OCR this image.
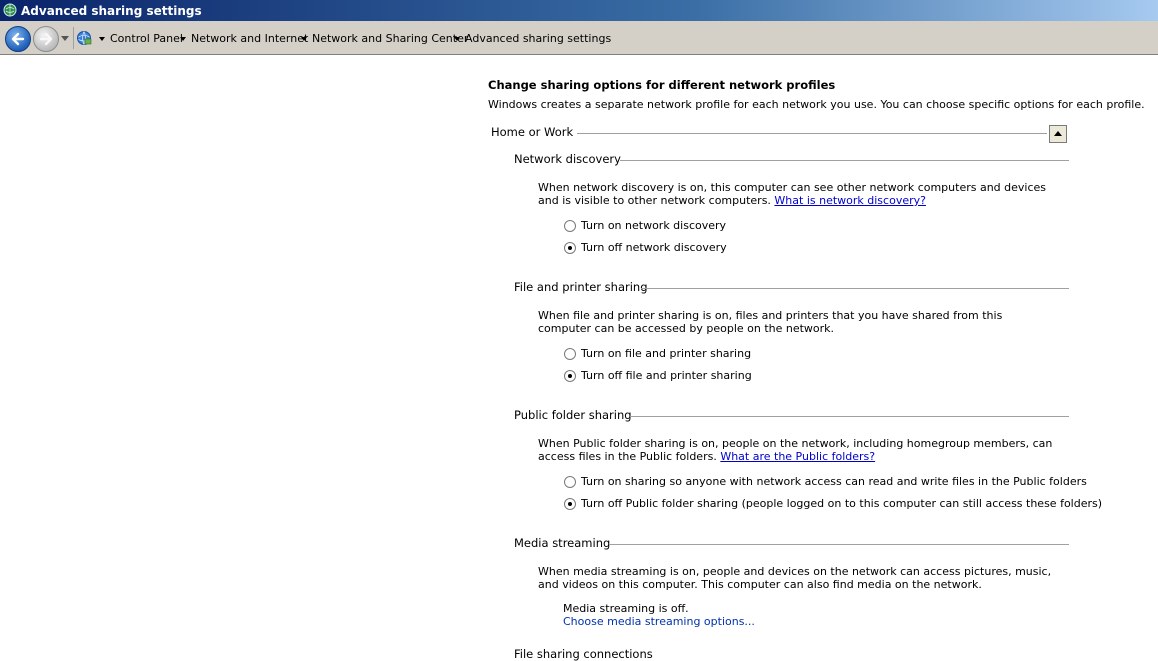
Advanced sharing settings
Control Panel Network and Internet Network and Sharing Center
Advanced sharing settings
Change sharing options for different network profiles
Windows creates a separate network profile for each network you use. You can choose specific options for each profile.
Home or Work
Network discovery
When network discovery is on, this computer can see other network computers and devices and is visible to other network computers. What is network discovery?
Turn on network discovery
Turn off network discovery
File and printer sharing
When file and printer sharing is on, files and printers that you have shared from this computer can be accessed by people on the network.
Turn on file and printer sharing
Turn off file and printer sharing
Public folder sharing
When Public folder sharing is on, people on the network, including homegroup members, can access files in the Public folders. What are the Public folders?
Turn on sharing so anyone with network access can read and write files in the Public folders
Turn off Public folder sharing (people logged on to this computer can still access these folders)
Media streaming
When media streaming is on, people and devices on the network can access pictures, music, and videos on this computer. This computer can also find media on the network.
Media streaming is off.
Choose media streaming options...
File sharing connections
